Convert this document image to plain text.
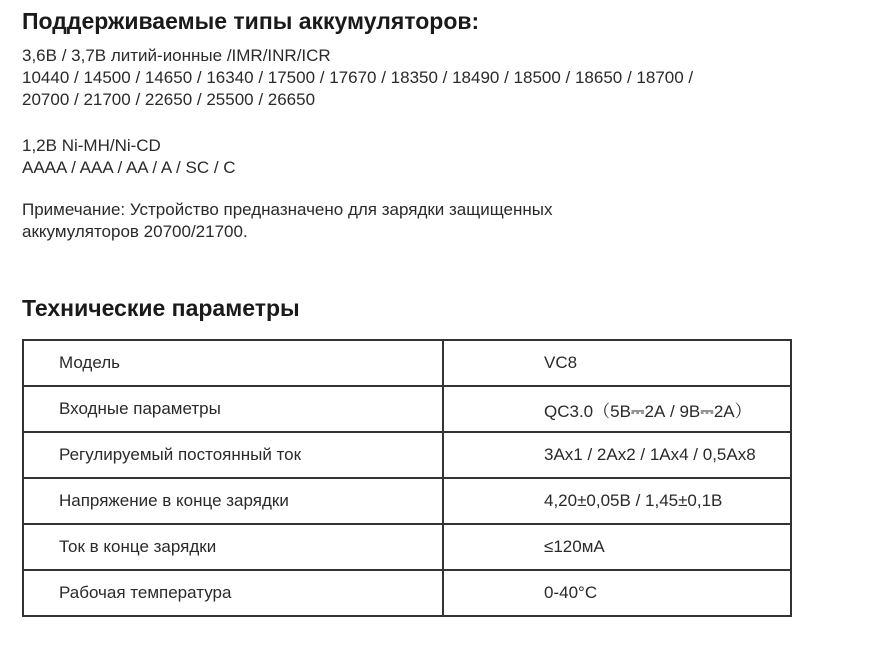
Поддерживаемые типы аккумуляторов:
3,6В / 3,7В литий-ионные /IMR/INR/ICR
10440 / 14500 / 14650 / 16340 / 17500 / 17670 / 18350 / 18490 / 18500 / 18650 / 18700 /
20700 / 21700 / 22650 / 25500 / 26650
1,2В Ni-MH/Ni-CD
AAAA / AAA / AA / A / SC / C
Примечание: Устройство предназначено для зарядки защищенных
аккумуляторов 20700/21700.
Технические параметры
Модель	VC8
Входные параметры	QC3.0（5В⎓2А / 9В⎓2А）
Регулируемый постоянный ток	3Ax1 / 2Ax2 / 1Ax4 / 0,5Ax8
Напряжение в конце зарядки	4,20±0,05В / 1,45±0,1В
Ток в конце зарядки	≤120мА
Рабочая температура	0-40°C
